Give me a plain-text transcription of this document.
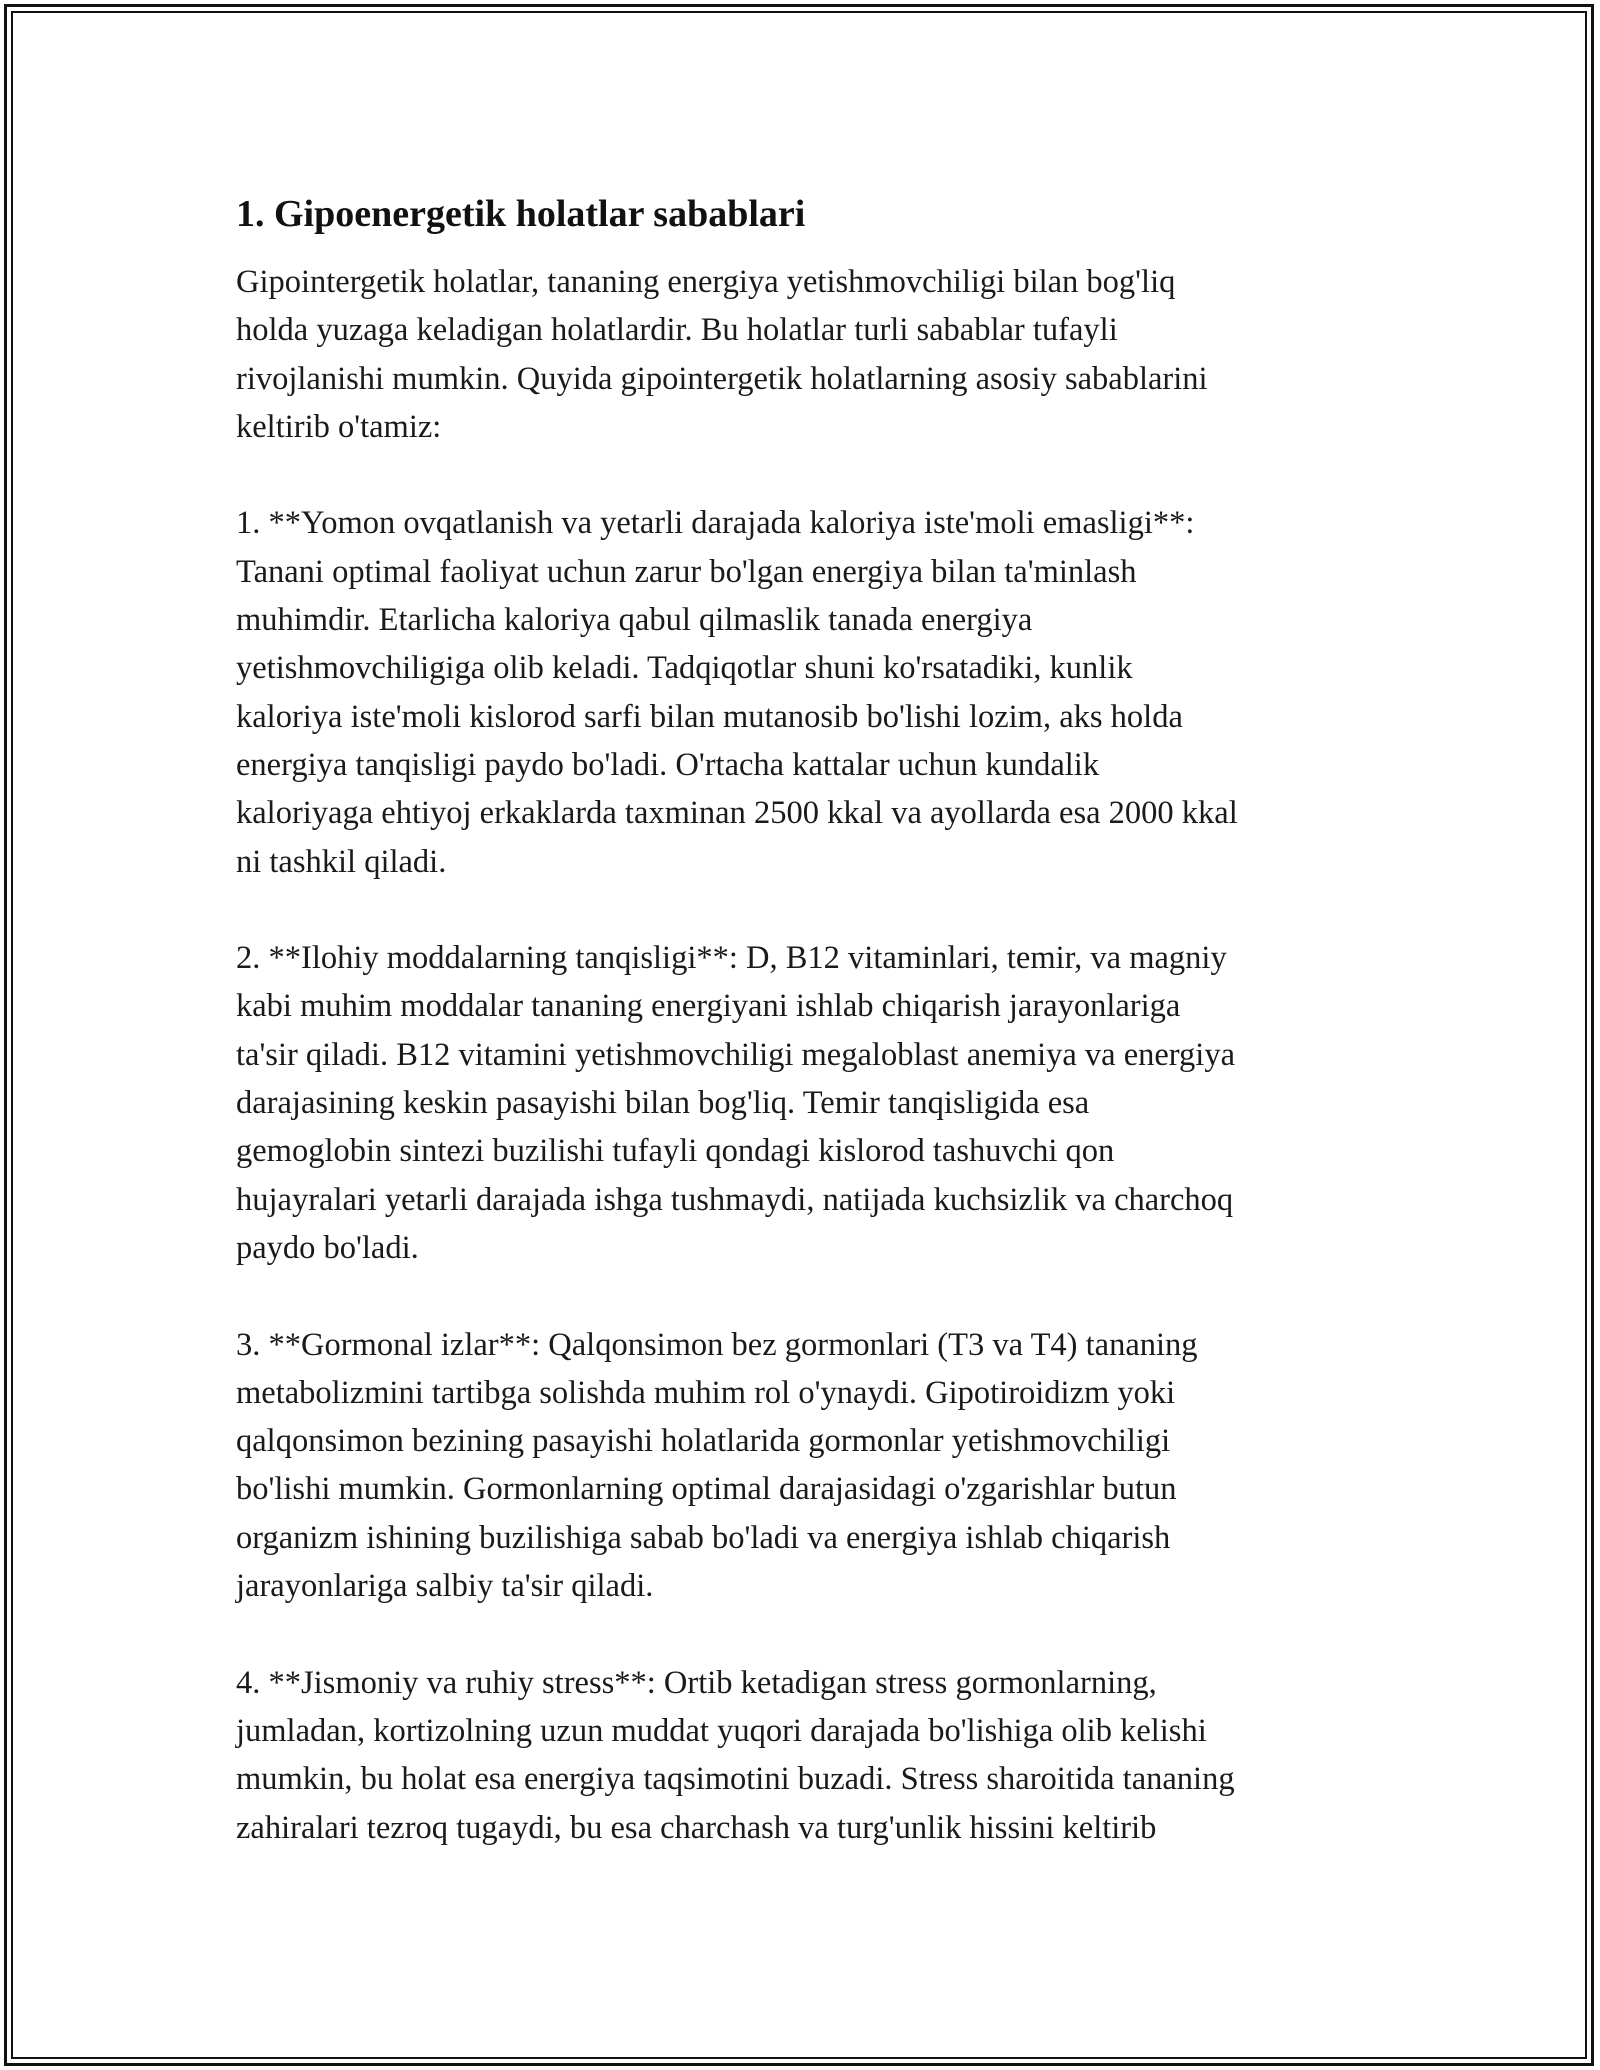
1. Gipoenergetik holatlar sabablari

Gipointergetik holatlar, tananing energiya yetishmovchiligi bilan bog'liq
holda yuzaga keladigan holatlardir. Bu holatlar turli sabablar tufayli
rivojlanishi mumkin. Quyida gipointergetik holatlarning asosiy sabablarini
keltirib o'tamiz:

1. **Yomon ovqatlanish va yetarli darajada kaloriya iste'moli emasligi**:
Tanani optimal faoliyat uchun zarur bo'lgan energiya bilan ta'minlash
muhimdir. Etarlicha kaloriya qabul qilmaslik tanada energiya
yetishmovchiligiga olib keladi. Tadqiqotlar shuni ko'rsatadiki, kunlik
kaloriya iste'moli kislorod sarfi bilan mutanosib bo'lishi lozim, aks holda
energiya tanqisligi paydo bo'ladi. O'rtacha kattalar uchun kundalik
kaloriyaga ehtiyoj erkaklarda taxminan 2500 kkal va ayollarda esa 2000 kkal
ni tashkil qiladi.

2. **Ilohiy moddalarning tanqisligi**: D, B12 vitaminlari, temir, va magniy
kabi muhim moddalar tananing energiyani ishlab chiqarish jarayonlariga
ta'sir qiladi. B12 vitamini yetishmovchiligi megaloblast anemiya va energiya
darajasining keskin pasayishi bilan bog'liq. Temir tanqisligida esa
gemoglobin sintezi buzilishi tufayli qondagi kislorod tashuvchi qon
hujayralari yetarli darajada ishga tushmaydi, natijada kuchsizlik va charchoq
paydo bo'ladi.

3. **Gormonal izlar**: Qalqonsimon bez gormonlari (T3 va T4) tananing
metabolizmini tartibga solishda muhim rol o'ynaydi. Gipotiroidizm yoki
qalqonsimon bezining pasayishi holatlarida gormonlar yetishmovchiligi
bo'lishi mumkin. Gormonlarning optimal darajasidagi o'zgarishlar butun
organizm ishining buzilishiga sabab bo'ladi va energiya ishlab chiqarish
jarayonlariga salbiy ta'sir qiladi.

4. **Jismoniy va ruhiy stress**: Ortib ketadigan stress gormonlarning,
jumladan, kortizolning uzun muddat yuqori darajada bo'lishiga olib kelishi
mumkin, bu holat esa energiya taqsimotini buzadi. Stress sharoitida tananing
zahiralari tezroq tugaydi, bu esa charchash va turg'unlik hissini keltirib
